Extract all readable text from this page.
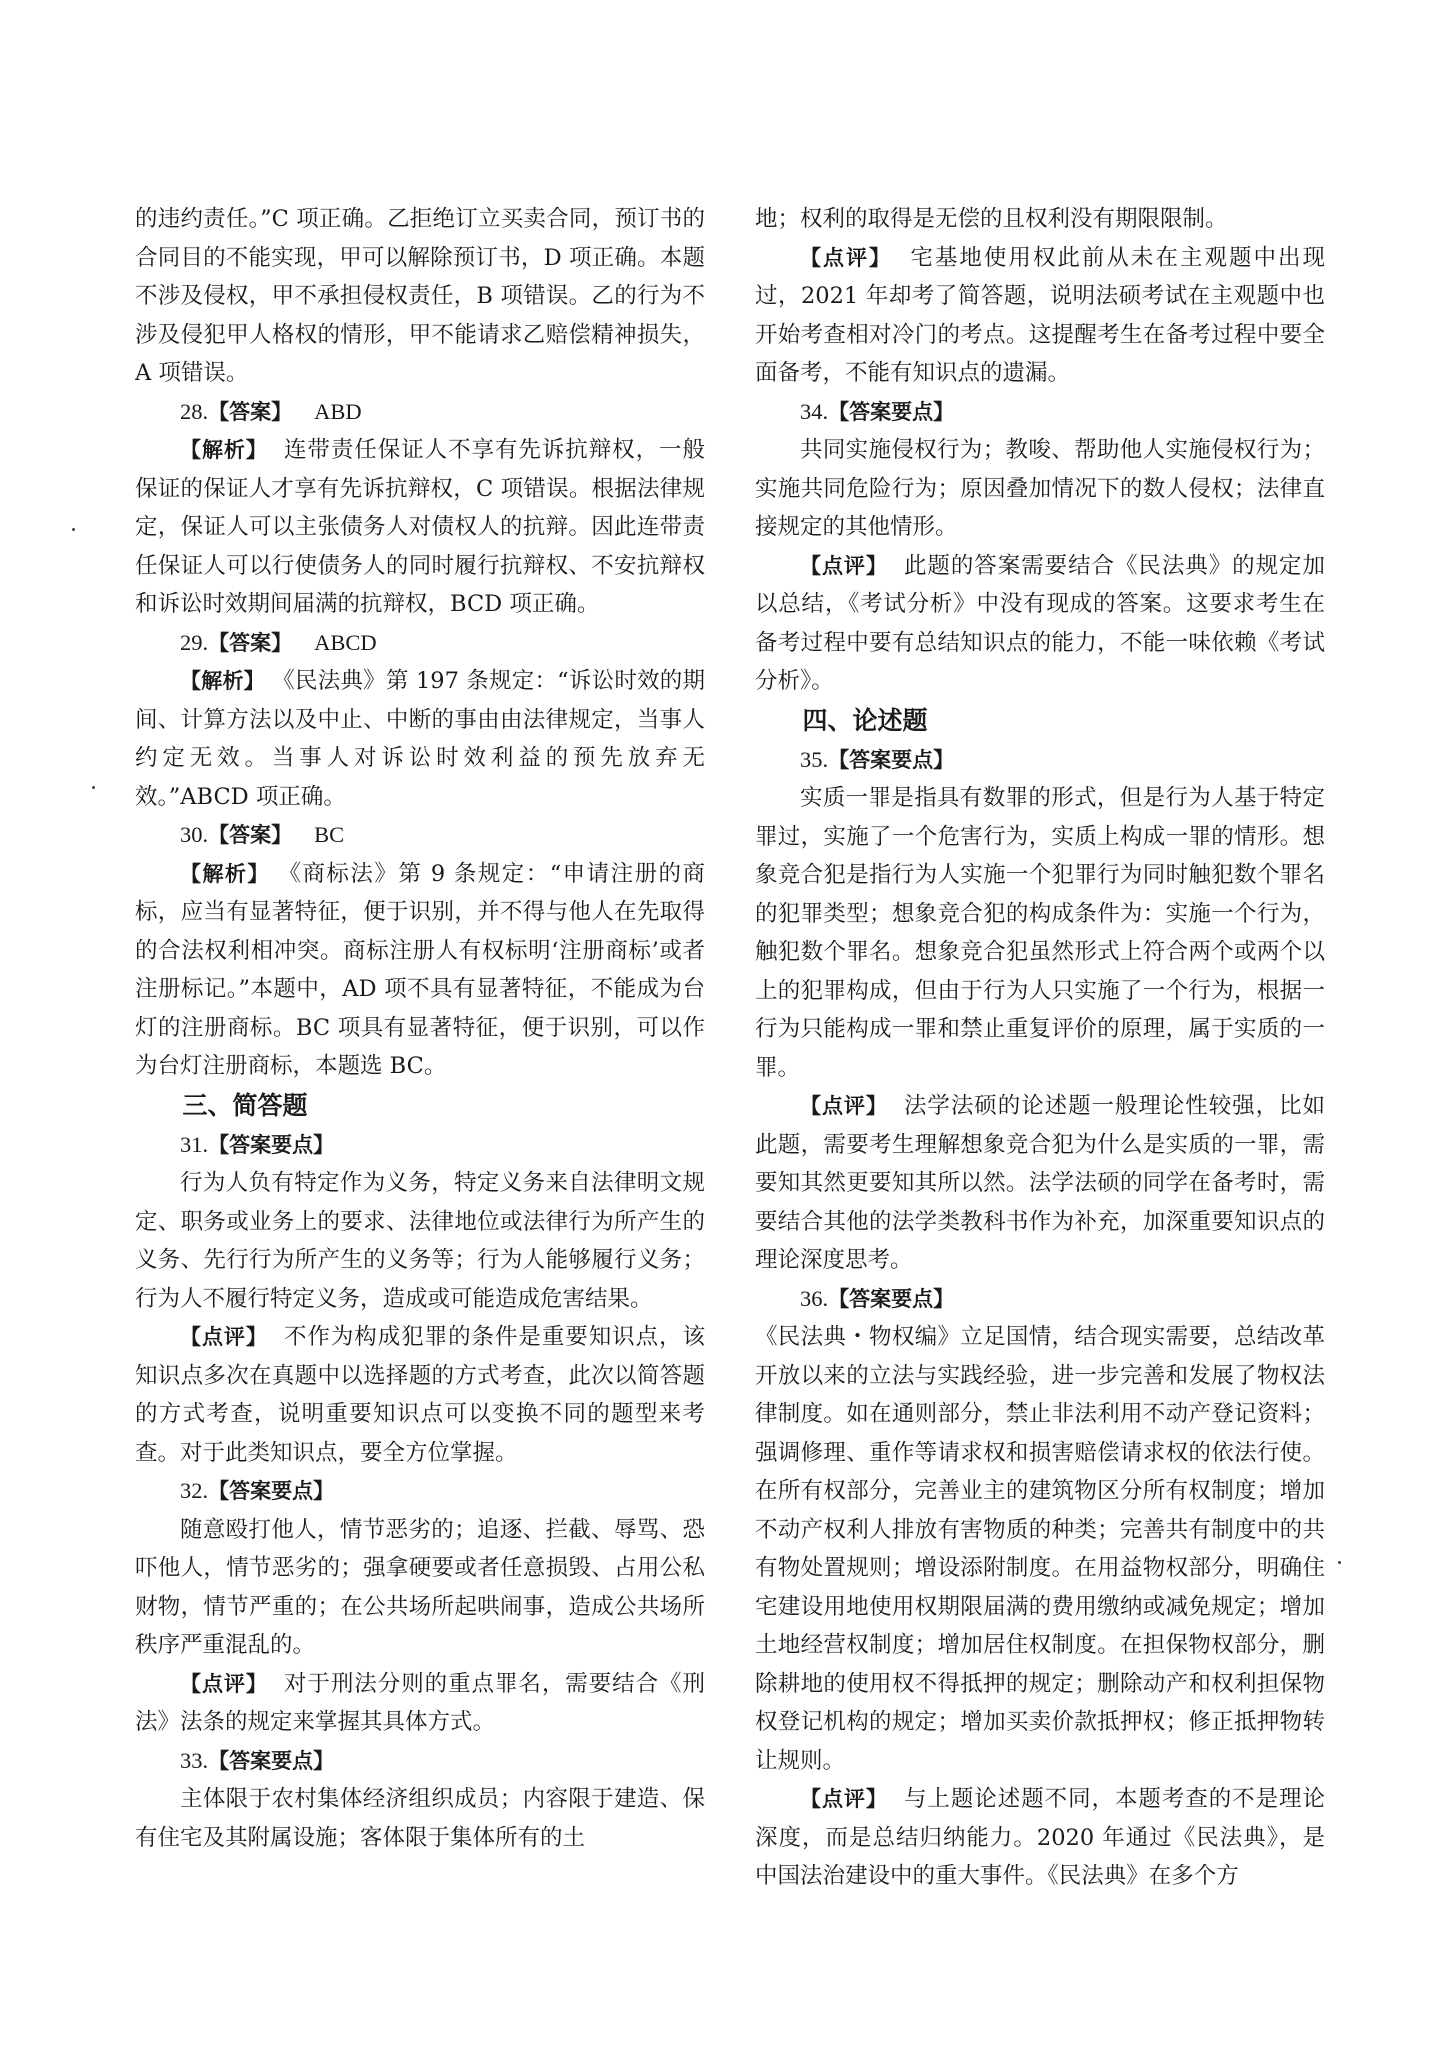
的违约责任。”C 项正确。乙拒绝订立买卖合同，预订书的合同目的不能实现，甲可以解除预订书，D 项正确。本题不涉及侵权，甲不承担侵权责任，B 项错误。乙的行为不涉及侵犯甲人格权的情形，甲不能请求乙赔偿精神损失，A 项错误。

28.【答案】 ABD

【解析】 连带责任保证人不享有先诉抗辩权，一般保证的保证人才享有先诉抗辩权，C 项错误。根据法律规定，保证人可以主张债务人对债权人的抗辩。因此连带责任保证人可以行使债务人的同时履行抗辩权、不安抗辩权和诉讼时效期间届满的抗辩权，BCD 项正确。

29.【答案】 ABCD

【解析】 《民法典》第 197 条规定：“诉讼时效的期间、计算方法以及中止、中断的事由由法律规定，当事人约定无效。当事人对诉讼时效利益的预先放弃无效。”ABCD 项正确。

30.【答案】 BC

【解析】 《商标法》第 9 条规定：“申请注册的商标，应当有显著特征，便于识别，并不得与他人在先取得的合法权利相冲突。商标注册人有权标明‘注册商标’或者注册标记。”本题中，AD 项不具有显著特征，不能成为台灯的注册商标。BC 项具有显著特征，便于识别，可以作为台灯注册商标，本题选 BC。

三、简答题

31.【答案要点】

行为人负有特定作为义务，特定义务来自法律明文规定、职务或业务上的要求、法律地位或法律行为所产生的义务、先行行为所产生的义务等；行为人能够履行义务；行为人不履行特定义务，造成或可能造成危害结果。

【点评】 不作为构成犯罪的条件是重要知识点，该知识点多次在真题中以选择题的方式考查，此次以简答题的方式考查，说明重要知识点可以变换不同的题型来考查。对于此类知识点，要全方位掌握。

32.【答案要点】

随意殴打他人，情节恶劣的；追逐、拦截、辱骂、恐吓他人，情节恶劣的；强拿硬要或者任意损毁、占用公私财物，情节严重的；在公共场所起哄闹事，造成公共场所秩序严重混乱的。

【点评】 对于刑法分则的重点罪名，需要结合《刑法》法条的规定来掌握其具体方式。

33.【答案要点】

主体限于农村集体经济组织成员；内容限于建造、保有住宅及其附属设施；客体限于集体所有的土

地；权利的取得是无偿的且权利没有期限限制。

【点评】 宅基地使用权此前从未在主观题中出现过，2021 年却考了简答题，说明法硕考试在主观题中也开始考查相对冷门的考点。这提醒考生在备考过程中要全面备考，不能有知识点的遗漏。

34.【答案要点】

共同实施侵权行为；教唆、帮助他人实施侵权行为；实施共同危险行为；原因叠加情况下的数人侵权；法律直接规定的其他情形。

【点评】 此题的答案需要结合《民法典》的规定加以总结，《考试分析》中没有现成的答案。这要求考生在备考过程中要有总结知识点的能力，不能一味依赖《考试分析》。

四、论述题

35.【答案要点】

实质一罪是指具有数罪的形式，但是行为人基于特定罪过，实施了一个危害行为，实质上构成一罪的情形。想象竞合犯是指行为人实施一个犯罪行为同时触犯数个罪名的犯罪类型；想象竞合犯的构成条件为：实施一个行为，触犯数个罪名。想象竞合犯虽然形式上符合两个或两个以上的犯罪构成，但由于行为人只实施了一个行为，根据一行为只能构成一罪和禁止重复评价的原理，属于实质的一罪。

【点评】 法学法硕的论述题一般理论性较强，比如此题，需要考生理解想象竞合犯为什么是实质的一罪，需要知其然更要知其所以然。法学法硕的同学在备考时，需要结合其他的法学类教科书作为补充，加深重要知识点的理论深度思考。

36.【答案要点】

《民法典・物权编》立足国情，结合现实需要，总结改革开放以来的立法与实践经验，进一步完善和发展了物权法律制度。如在通则部分，禁止非法利用不动产登记资料；强调修理、重作等请求权和损害赔偿请求权的依法行使。在所有权部分，完善业主的建筑物区分所有权制度；增加不动产权利人排放有害物质的种类；完善共有制度中的共有物处置规则；增设添附制度。在用益物权部分，明确住宅建设用地使用权期限届满的费用缴纳或减免规定；增加土地经营权制度；增加居住权制度。在担保物权部分，删除耕地的使用权不得抵押的规定；删除动产和权利担保物权登记机构的规定；增加买卖价款抵押权；修正抵押物转让规则。

【点评】 与上题论述题不同，本题考查的不是理论深度，而是总结归纳能力。2020 年通过《民法典》，是中国法治建设中的重大事件。《民法典》在多个方
